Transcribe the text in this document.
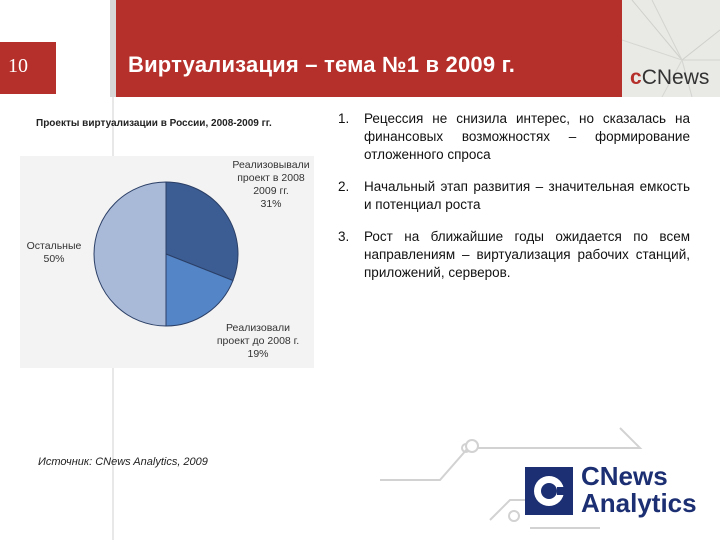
10	Виртуализация – тема №1 в 2009 г.
cCNews
Проекты виртуализации в России, 2008-2009 гг.
Реализовывали
проект в 2008
2009 гг.
31%
Реализовали
проект до 2008 г.
19%
Остальные
50%
Источник: CNews Analytics, 2009
1.	Рецессия не снизила интерес, но сказалась на финансовых возможностях – формирование отложенного спроса
2.	Начальный этап развития – значительная емкость и потенциал роста
3.	Рост на ближайшие годы ожидается по всем направлениям – виртуализация рабочих станций, приложений, серверов.
CNews
Analytics
